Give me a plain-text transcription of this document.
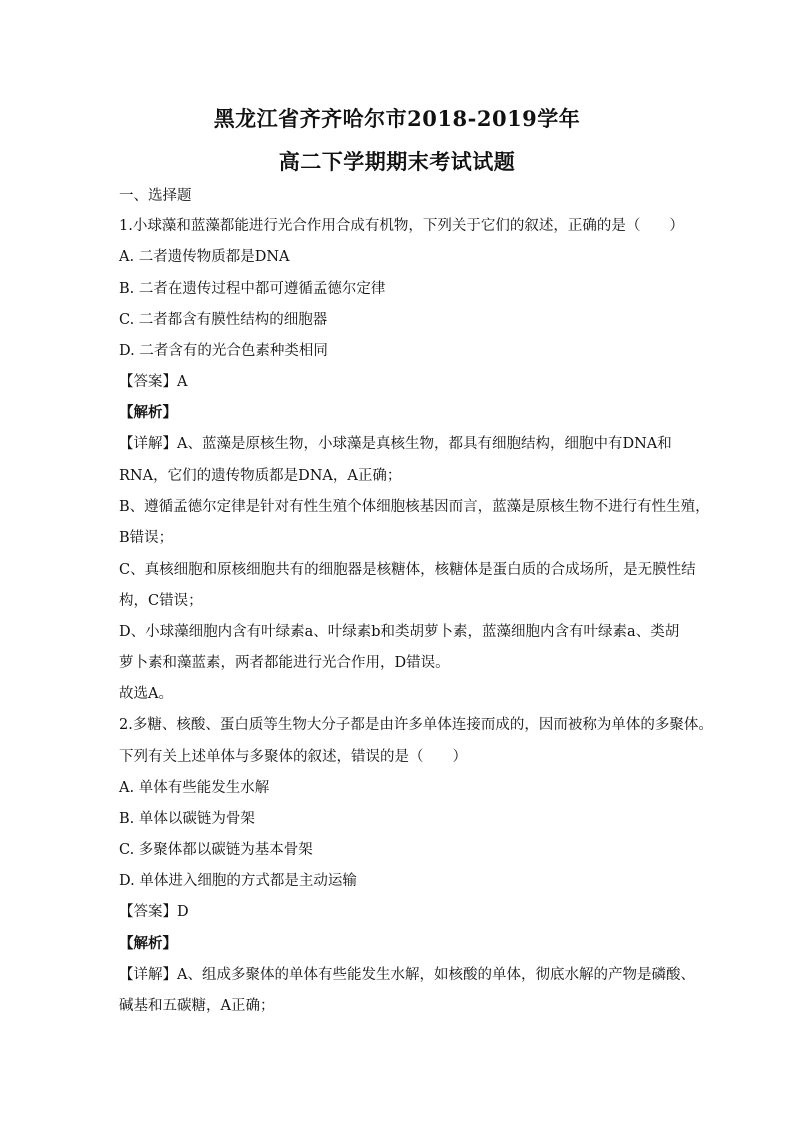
黑龙江省齐齐哈尔市2018-2019学年
高二下学期期末考试试题
一、选择题
1.小球藻和蓝藻都能进行光合作用合成有机物，下列关于它们的叙述，正确的是（　　）
A. 二者遗传物质都是DNA
B. 二者在遗传过程中都可遵循孟德尔定律
C. 二者都含有膜性结构的细胞器
D. 二者含有的光合色素种类相同
【答案】A
【解析】
【详解】A、蓝藻是原核生物，小球藻是真核生物，都具有细胞结构，细胞中有DNA和
RNA，它们的遗传物质都是DNA，A正确；
B、遵循孟德尔定律是针对有性生殖个体细胞核基因而言，蓝藻是原核生物不进行有性生殖，
B错误；
C、真核细胞和原核细胞共有的细胞器是核糖体，核糖体是蛋白质的合成场所，是无膜性结
构，C错误；
D、小球藻细胞内含有叶绿素a、叶绿素b和类胡萝卜素，蓝藻细胞内含有叶绿素a、类胡
萝卜素和藻蓝素，两者都能进行光合作用，D错误。
故选A。
2.多糖、核酸、蛋白质等生物大分子都是由许多单体连接而成的，因而被称为单体的多聚体。
下列有关上述单体与多聚体的叙述，错误的是（　　）
A. 单体有些能发生水解
B. 单体以碳链为骨架
C. 多聚体都以碳链为基本骨架
D. 单体进入细胞的方式都是主动运输
【答案】D
【解析】
【详解】A、组成多聚体的单体有些能发生水解，如核酸的单体，彻底水解的产物是磷酸、
碱基和五碳糖，A正确；
